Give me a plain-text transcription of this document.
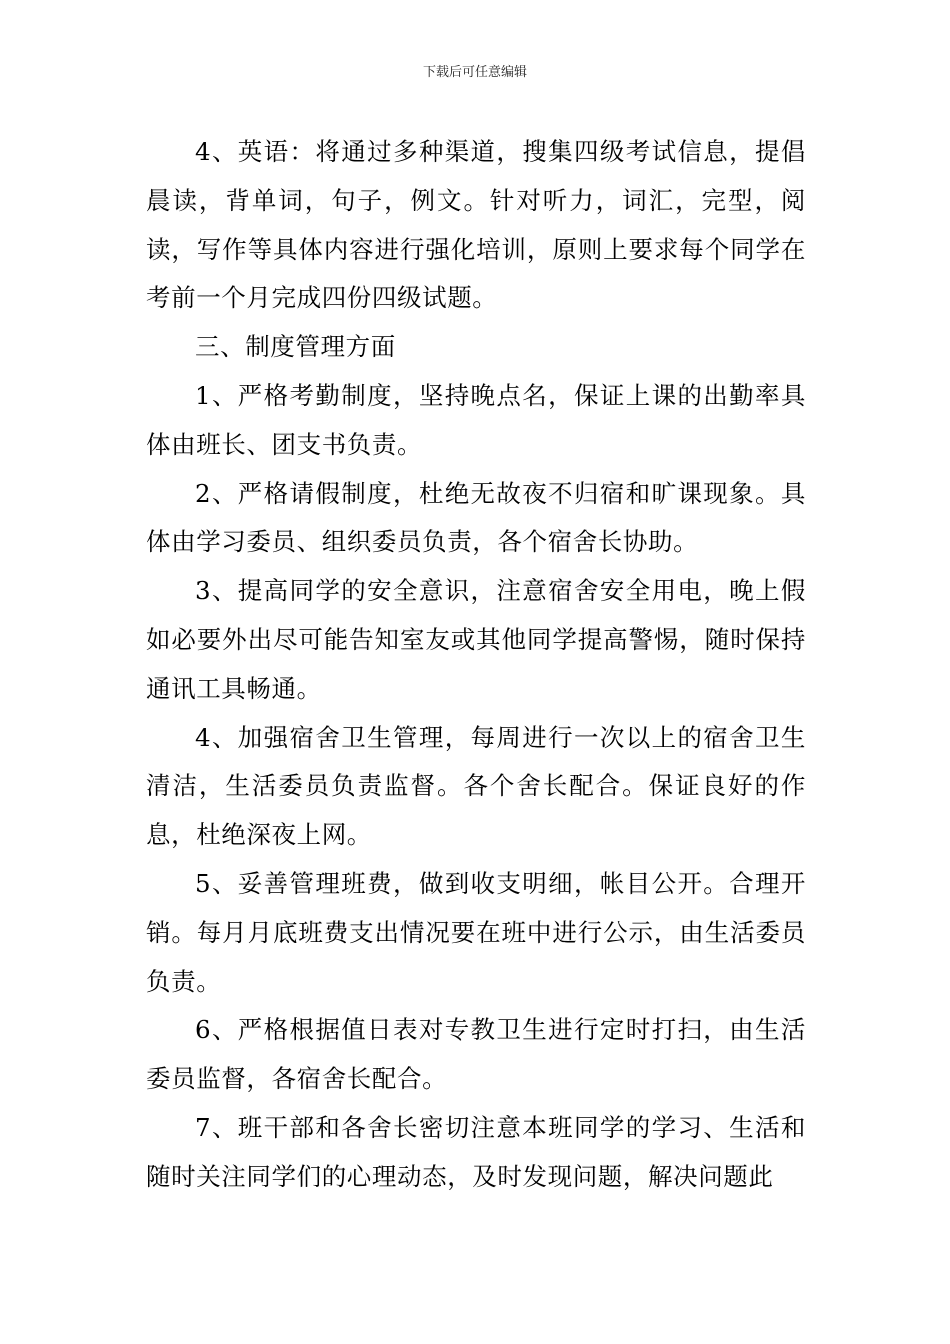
下载后可任意编辑

4、英语：将通过多种渠道，搜集四级考试信息，提倡晨读，背单词，句子，例文。针对听力，词汇，完型，阅读，写作等具体内容进行强化培训，原则上要求每个同学在考前一个月完成四份四级试题。

三、制度管理方面

1、严格考勤制度，坚持晚点名，保证上课的出勤率具体由班长、团支书负责。

2、严格请假制度，杜绝无故夜不归宿和旷课现象。具体由学习委员、组织委员负责，各个宿舍长协助。

3、提高同学的安全意识，注意宿舍安全用电，晚上假如必要外出尽可能告知室友或其他同学提高警惕，随时保持通讯工具畅通。

4、加强宿舍卫生管理，每周进行一次以上的宿舍卫生清洁，生活委员负责监督。各个舍长配合。保证良好的作息，杜绝深夜上网。

5、妥善管理班费，做到收支明细，帐目公开。合理开销。每月月底班费支出情况要在班中进行公示，由生活委员负责。

6、严格根据值日表对专教卫生进行定时打扫，由生活委员监督，各宿舍长配合。

7、班干部和各舍长密切注意本班同学的学习、生活和随时关注同学们的心理动态，及时发现问题，解决问题此
